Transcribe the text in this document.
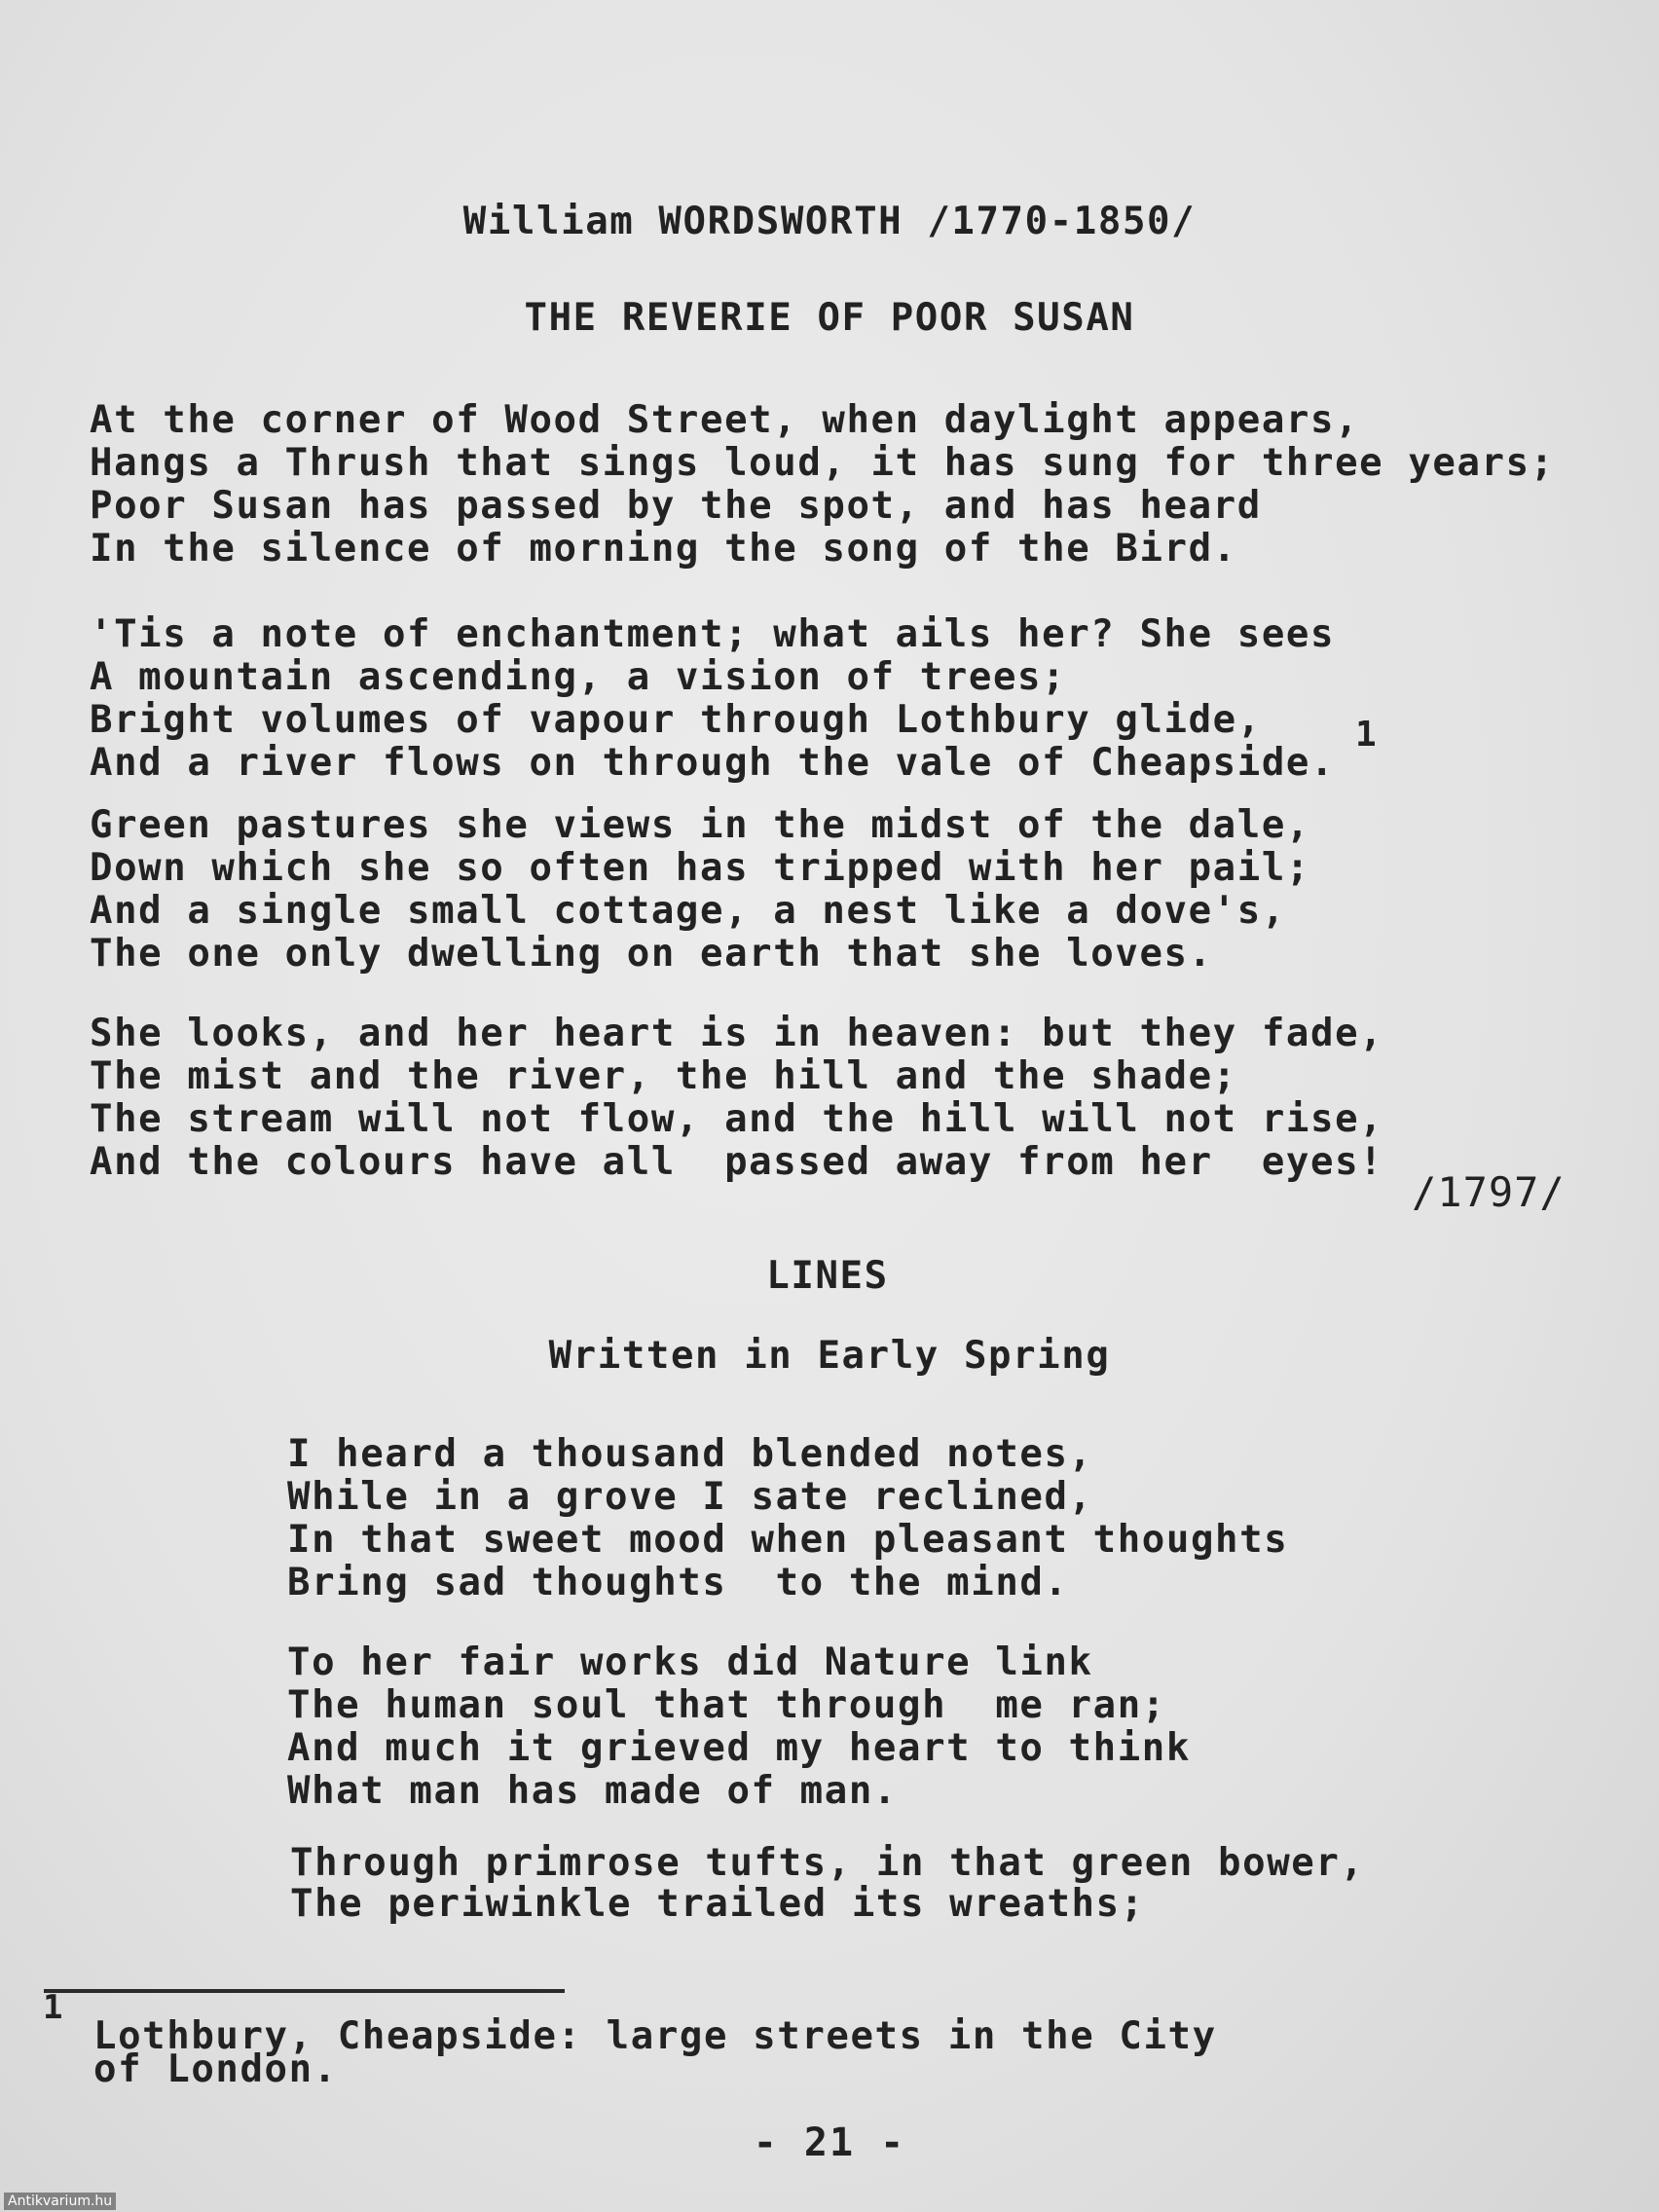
William WORDSWORTH /1770-1850/
THE REVERIE OF POOR SUSAN
At the corner of Wood Street, when daylight appears,
Hangs a Thrush that sings loud, it has sung for three years;
Poor Susan has passed by the spot, and has heard
In the silence of morning the song of the Bird.
'Tis a note of enchantment; what ails her? She sees
A mountain ascending, a vision of trees;
Bright volumes of vapour through Lothbury glide,
And a river flows on through the vale of Cheapside.
1
Green pastures she views in the midst of the dale,
Down which she so often has tripped with her pail;
And a single small cottage, a nest like a dove's,
The one only dwelling on earth that she loves.
She looks, and her heart is in heaven: but they fade,
The mist and the river, the hill and the shade;
The stream will not flow, and the hill will not rise,
And the colours have all  passed away from her  eyes!
/1797/
LINES
Written in Early Spring
I heard a thousand blended notes,
While in a grove I sate reclined,
In that sweet mood when pleasant thoughts
Bring sad thoughts  to the mind.
To her fair works did Nature link
The human soul that through  me ran;
And much it grieved my heart to think
What man has made of man.
Through primrose tufts, in that green bower,
The periwinkle trailed its wreaths;
1
Lothbury, Cheapside: large streets in the City
of London.
- 21 -
Antikvarium.hu
